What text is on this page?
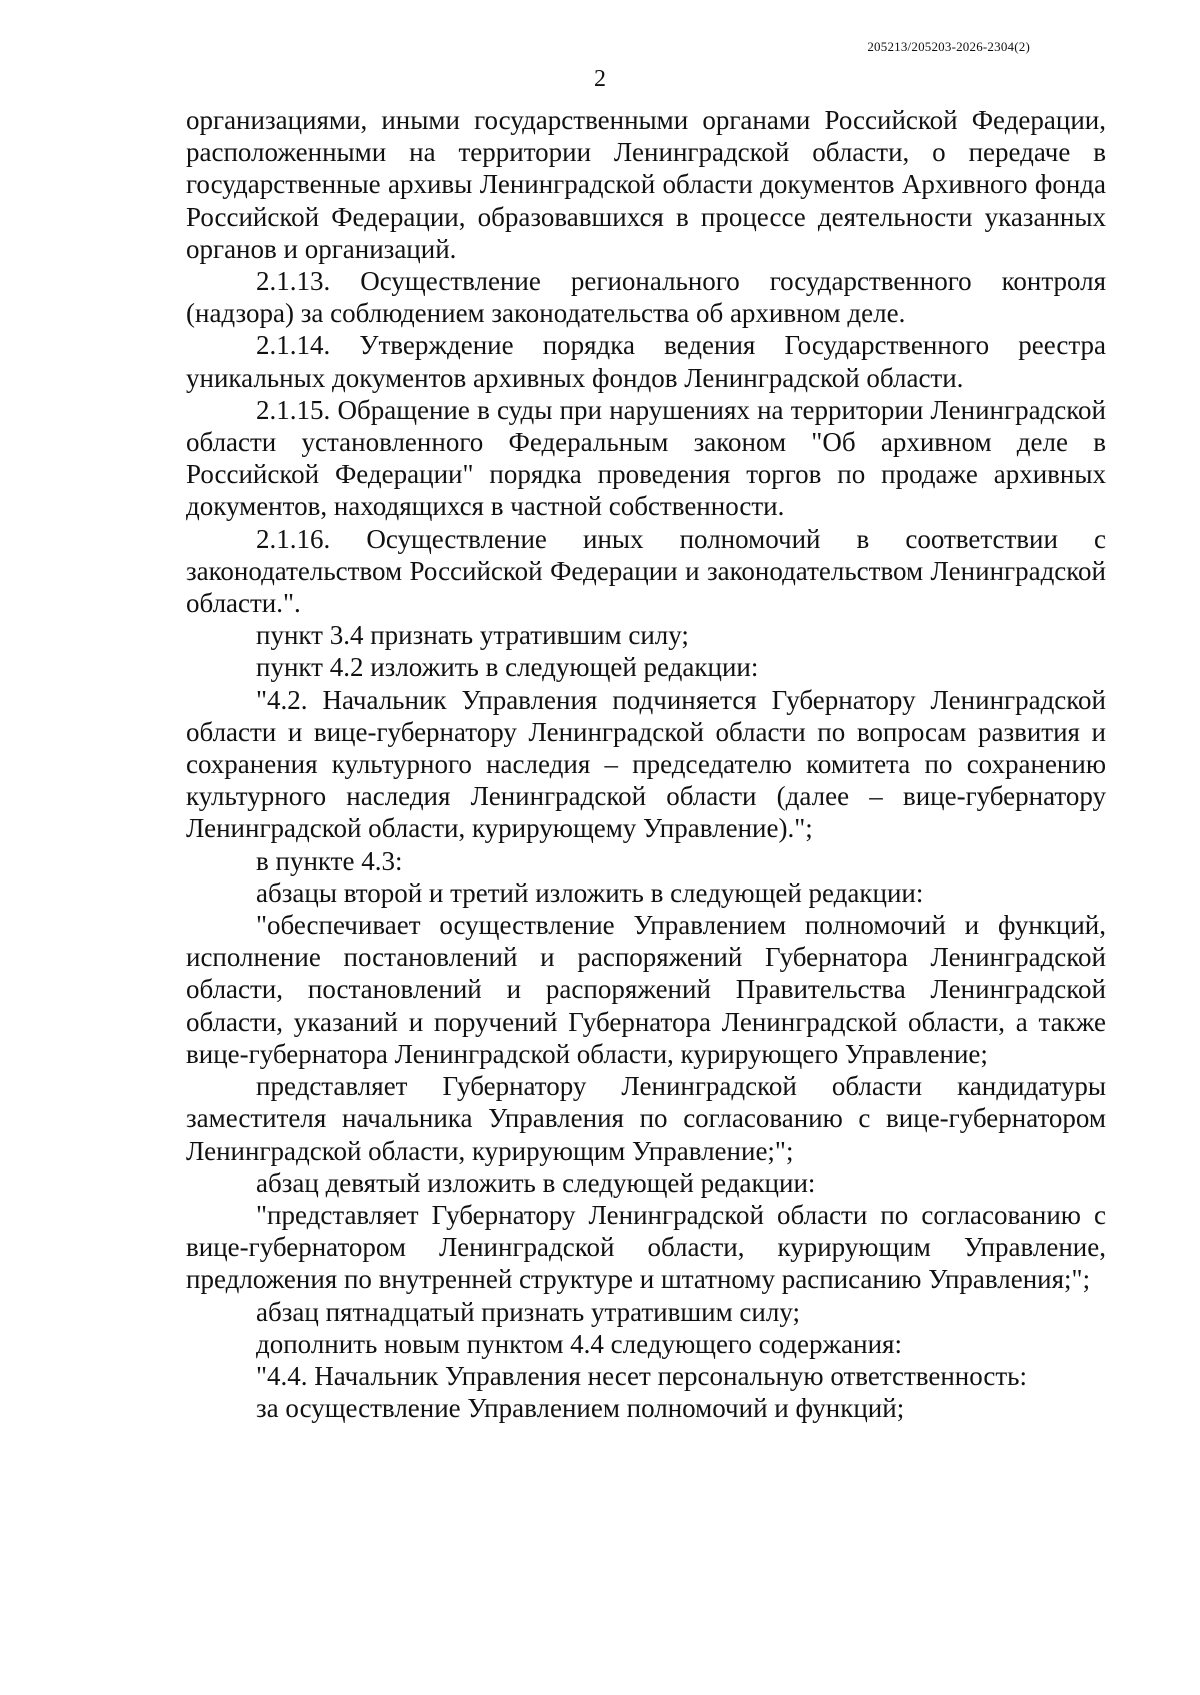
205213/205203-2026-2304(2)
2

организациями, иными государственными органами Российской Федерации, расположенными на территории Ленинградской области, о передаче в государственные архивы Ленинградской области документов Архивного фонда Российской Федерации, образовавшихся в процессе деятельности указанных органов и организаций.

2.1.13. Осуществление регионального государственного контроля (надзора) за соблюдением законодательства об архивном деле.

2.1.14. Утверждение порядка ведения Государственного реестра уникальных документов архивных фондов Ленинградской области.

2.1.15. Обращение в суды при нарушениях на территории Ленинградской области установленного Федеральным законом "Об архивном деле в Российской Федерации" порядка проведения торгов по продаже архивных документов, находящихся в частной собственности.

2.1.16. Осуществление иных полномочий в соответствии с законодательством Российской Федерации и законодательством Ленинградской области.".

пункт 3.4 признать утратившим силу;

пункт 4.2 изложить в следующей редакции:

"4.2. Начальник Управления подчиняется Губернатору Ленинградской области и вице-губернатору Ленинградской области по вопросам развития и сохранения культурного наследия – председателю комитета по сохранению культурного наследия Ленинградской области (далее – вице-губернатору Ленинградской области, курирующему Управление).";

в пункте 4.3:

абзацы второй и третий изложить в следующей редакции:

"обеспечивает осуществление Управлением полномочий и функций, исполнение постановлений и распоряжений Губернатора Ленинградской области, постановлений и распоряжений Правительства Ленинградской области, указаний и поручений Губернатора Ленинградской области, а также вице-губернатора Ленинградской области, курирующего Управление;

представляет Губернатору Ленинградской области кандидатуры заместителя начальника Управления по согласованию с вице-губернатором Ленинградской области, курирующим Управление;";

абзац девятый изложить в следующей редакции:

"представляет Губернатору Ленинградской области по согласованию с вице-губернатором Ленинградской области, курирующим Управление, предложения по внутренней структуре и штатному расписанию Управления;";

абзац пятнадцатый признать утратившим силу;

дополнить новым пунктом 4.4 следующего содержания:

"4.4. Начальник Управления несет персональную ответственность:

за осуществление Управлением полномочий и функций;
